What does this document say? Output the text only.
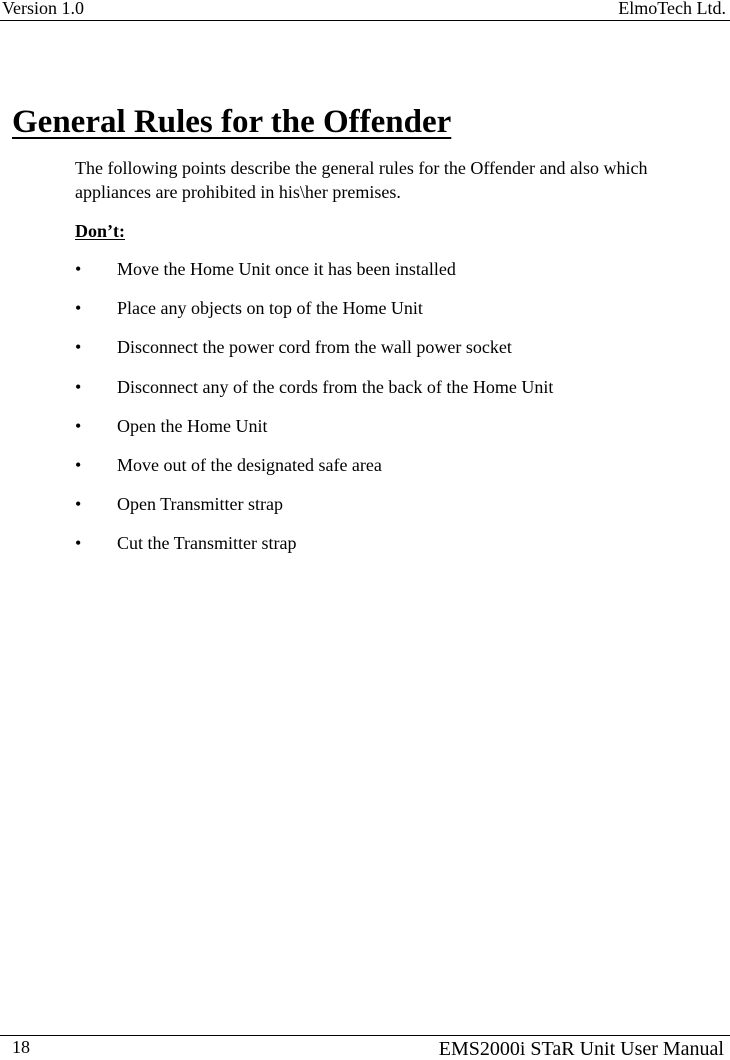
Version 1.0	ElmoTech Ltd.
General Rules for the Offender

The following points describe the general rules for the Offender and also which appliances are prohibited in his\her premises.

Don’t:

•	Move the Home Unit once it has been installed
•	Place any objects on top of the Home Unit
•	Disconnect the power cord from the wall power socket
•	Disconnect any of the cords from the back of the Home Unit
•	Open the Home Unit
•	Move out of the designated safe area
•	Open Transmitter strap
•	Cut the Transmitter strap
18	EMS2000i STaR Unit User Manual
